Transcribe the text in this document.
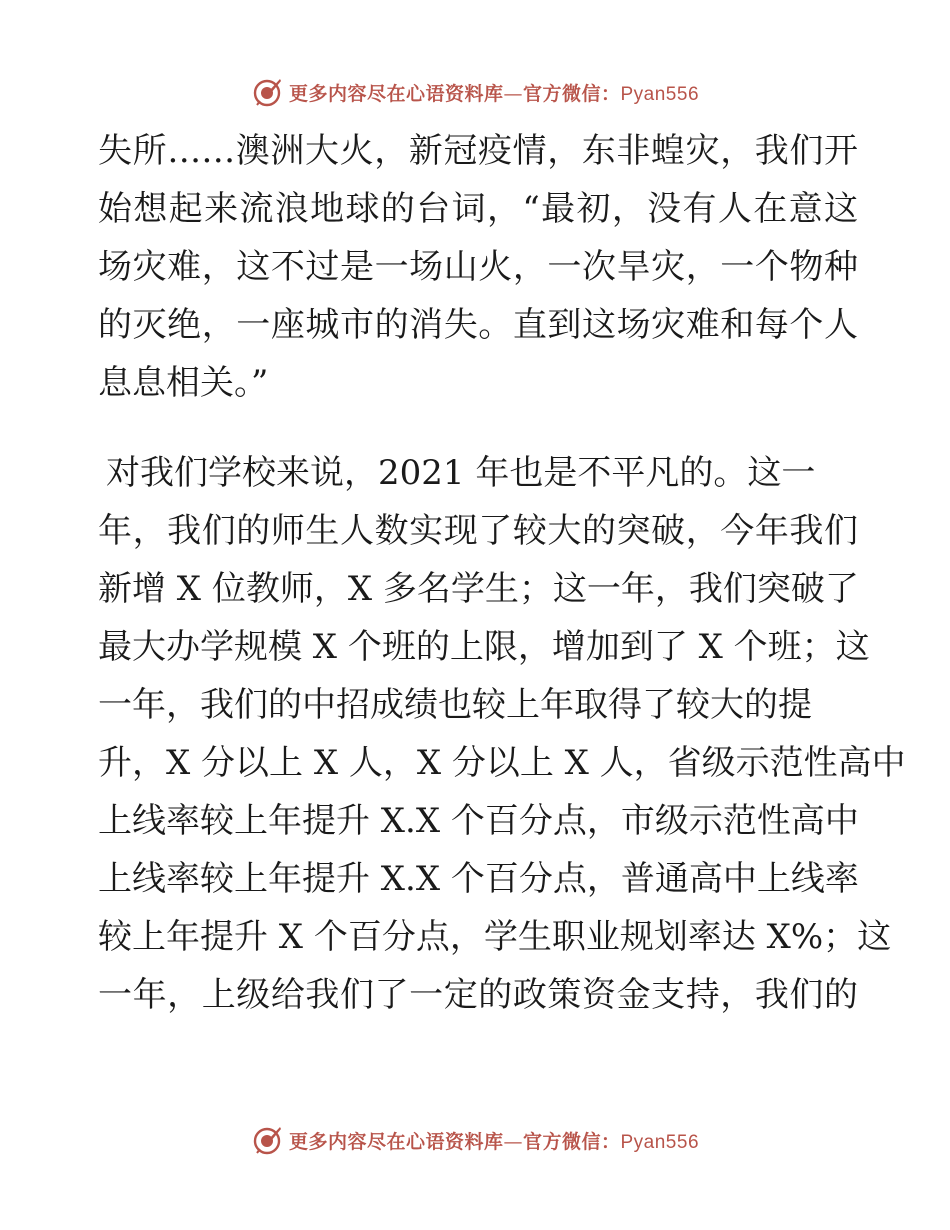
更多内容尽在心语资料库—官方微信：Pyan556
失所……澳洲大火，新冠疫情，东非蝗灾，我们开
始想起来流浪地球的台词，“最初，没有人在意这
场灾难，这不过是一场山火，一次旱灾，一个物种
的灭绝，一座城市的消失。直到这场灾难和每个人
息息相关。”
对我们学校来说，2021 年也是不平凡的。这一
年，我们的师生人数实现了较大的突破，今年我们
新增 X 位教师，X 多名学生；这一年，我们突破了
最大办学规模 X 个班的上限，增加到了 X 个班；这
一年，我们的中招成绩也较上年取得了较大的提
升，X 分以上 X 人，X 分以上 X 人，省级示范性高中
上线率较上年提升 X.X 个百分点，市级示范性高中
上线率较上年提升 X.X 个百分点，普通高中上线率
较上年提升 X 个百分点，学生职业规划率达 X%；这
一年，上级给我们了一定的政策资金支持，我们的
更多内容尽在心语资料库—官方微信：Pyan556
